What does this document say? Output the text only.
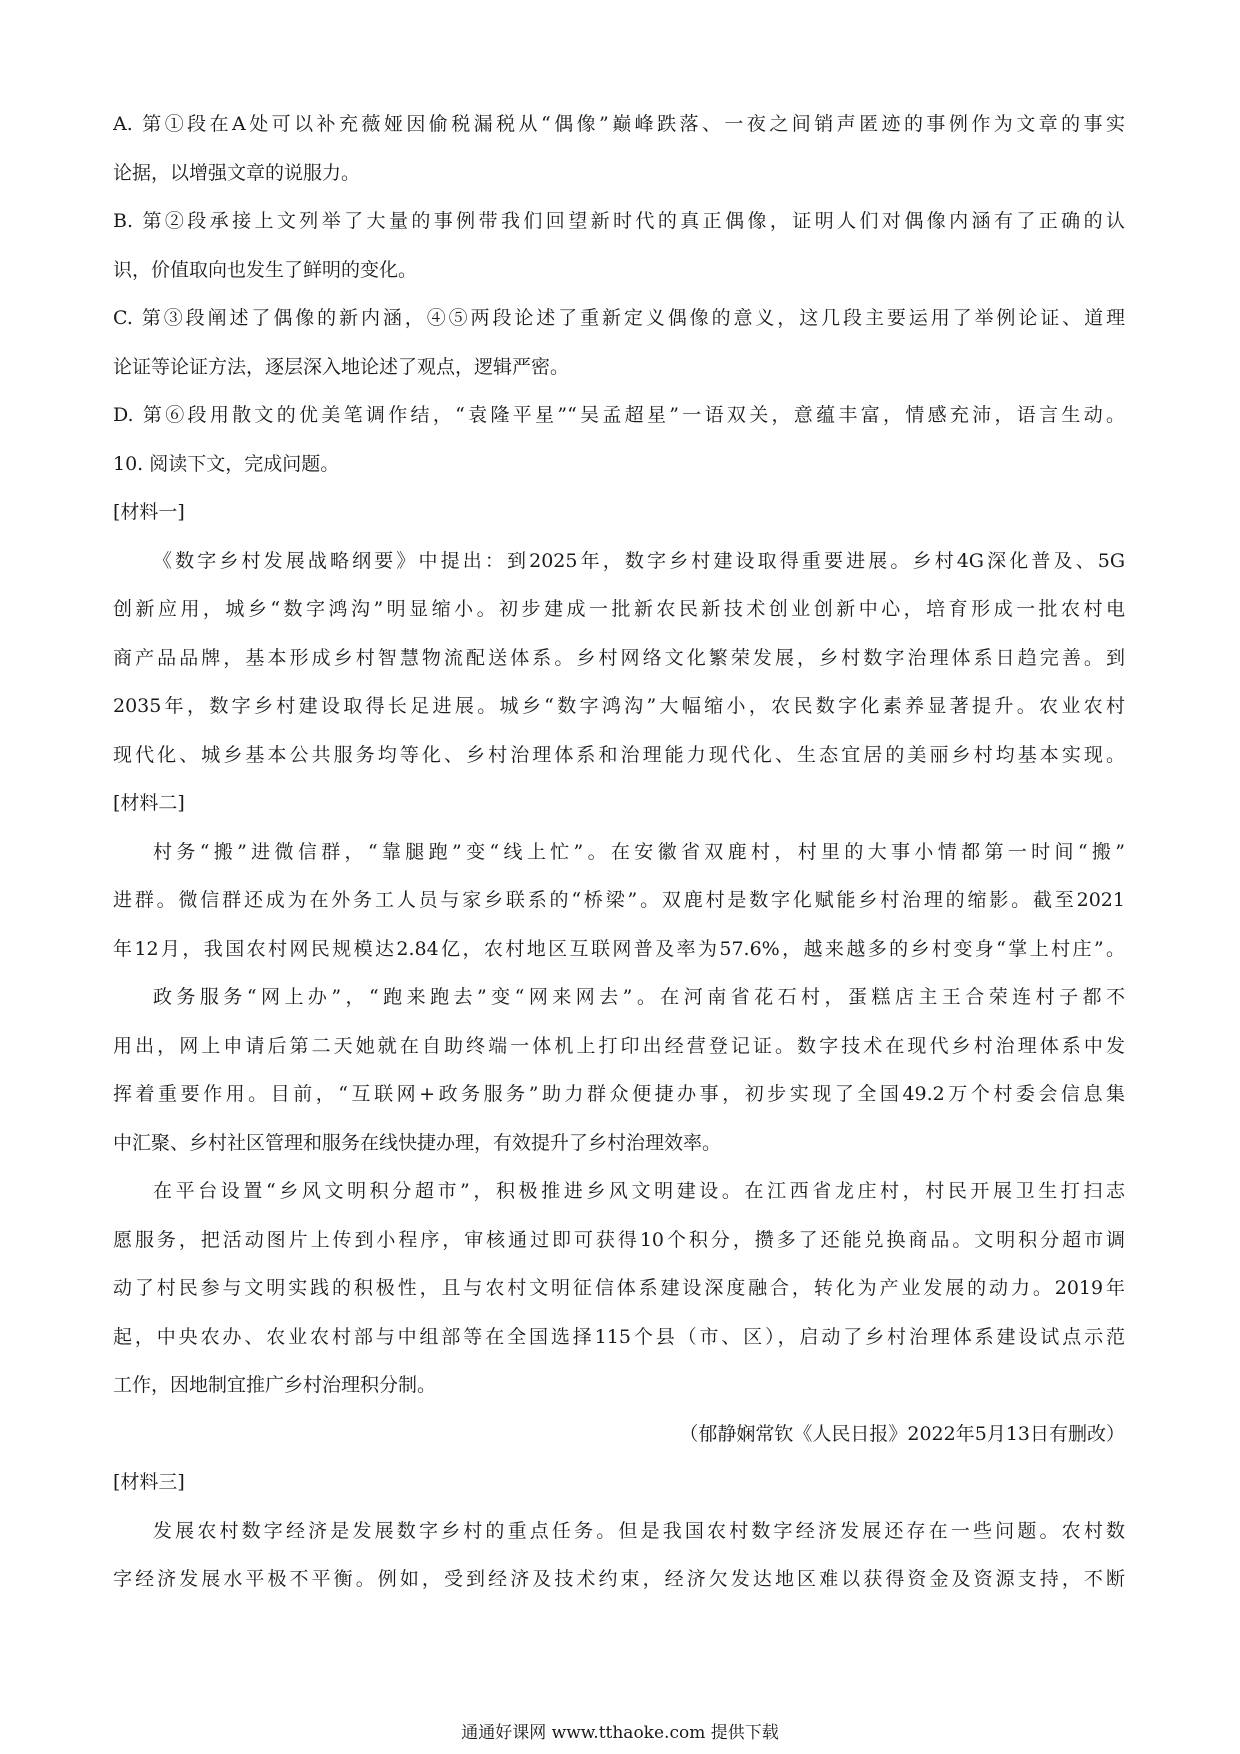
A. 第①段在A处可以补充薇娅因偷税漏税从“偶像”巅峰跌落、一夜之间销声匿迹的事例作为文章的事实
论据，以增强文章的说服力。
B. 第②段承接上文列举了大量的事例带我们回望新时代的真正偶像，证明人们对偶像内涵有了正确的认
识，价值取向也发生了鲜明的变化。
C. 第③段阐述了偶像的新内涵，④⑤两段论述了重新定义偶像的意义，这几段主要运用了举例论证、道理
论证等论证方法，逐层深入地论述了观点，逻辑严密。
D. 第⑥段用散文的优美笔调作结，“袁隆平星”“吴孟超星”一语双关，意蕴丰富，情感充沛，语言生动。
10. 阅读下文，完成问题。
[材料一]
《数字乡村发展战略纲要》中提出：到2025年，数字乡村建设取得重要进展。乡村4G深化普及、5G
创新应用，城乡“数字鸿沟”明显缩小。初步建成一批新农民新技术创业创新中心，培育形成一批农村电
商产品品牌，基本形成乡村智慧物流配送体系。乡村网络文化繁荣发展，乡村数字治理体系日趋完善。到
2035年，数字乡村建设取得长足进展。城乡“数字鸿沟”大幅缩小，农民数字化素养显著提升。农业农村
现代化、城乡基本公共服务均等化、乡村治理体系和治理能力现代化、生态宜居的美丽乡村均基本实现。
[材料二]
村务“搬”进微信群，“靠腿跑”变“线上忙”。在安徽省双鹿村，村里的大事小情都第一时间“搬”
进群。微信群还成为在外务工人员与家乡联系的“桥梁”。双鹿村是数字化赋能乡村治理的缩影。截至2021
年12月，我国农村网民规模达2.84亿，农村地区互联网普及率为57.6%，越来越多的乡村变身“掌上村庄”。
政务服务“网上办”，“跑来跑去”变“网来网去”。在河南省花石村，蛋糕店主王合荣连村子都不
用出，网上申请后第二天她就在自助终端一体机上打印出经营登记证。数字技术在现代乡村治理体系中发
挥着重要作用。目前，“互联网+政务服务”助力群众便捷办事，初步实现了全国49.2万个村委会信息集
中汇聚、乡村社区管理和服务在线快捷办理，有效提升了乡村治理效率。
在平台设置“乡风文明积分超市”，积极推进乡风文明建设。在江西省龙庄村，村民开展卫生打扫志
愿服务，把活动图片上传到小程序，审核通过即可获得10个积分，攒多了还能兑换商品。文明积分超市调
动了村民参与文明实践的积极性，且与农村文明征信体系建设深度融合，转化为产业发展的动力。2019年
起，中央农办、农业农村部与中组部等在全国选择115个县（市、区），启动了乡村治理体系建设试点示范
工作，因地制宜推广乡村治理积分制。
（郁静娴常钦《人民日报》2022年5月13日有删改）
[材料三]
发展农村数字经济是发展数字乡村的重点任务。但是我国农村数字经济发展还存在一些问题。农村数
字经济发展水平极不平衡。例如，受到经济及技术约束，经济欠发达地区难以获得资金及资源支持，不断
通通好课网 www.tthaoke.com 提供下载
